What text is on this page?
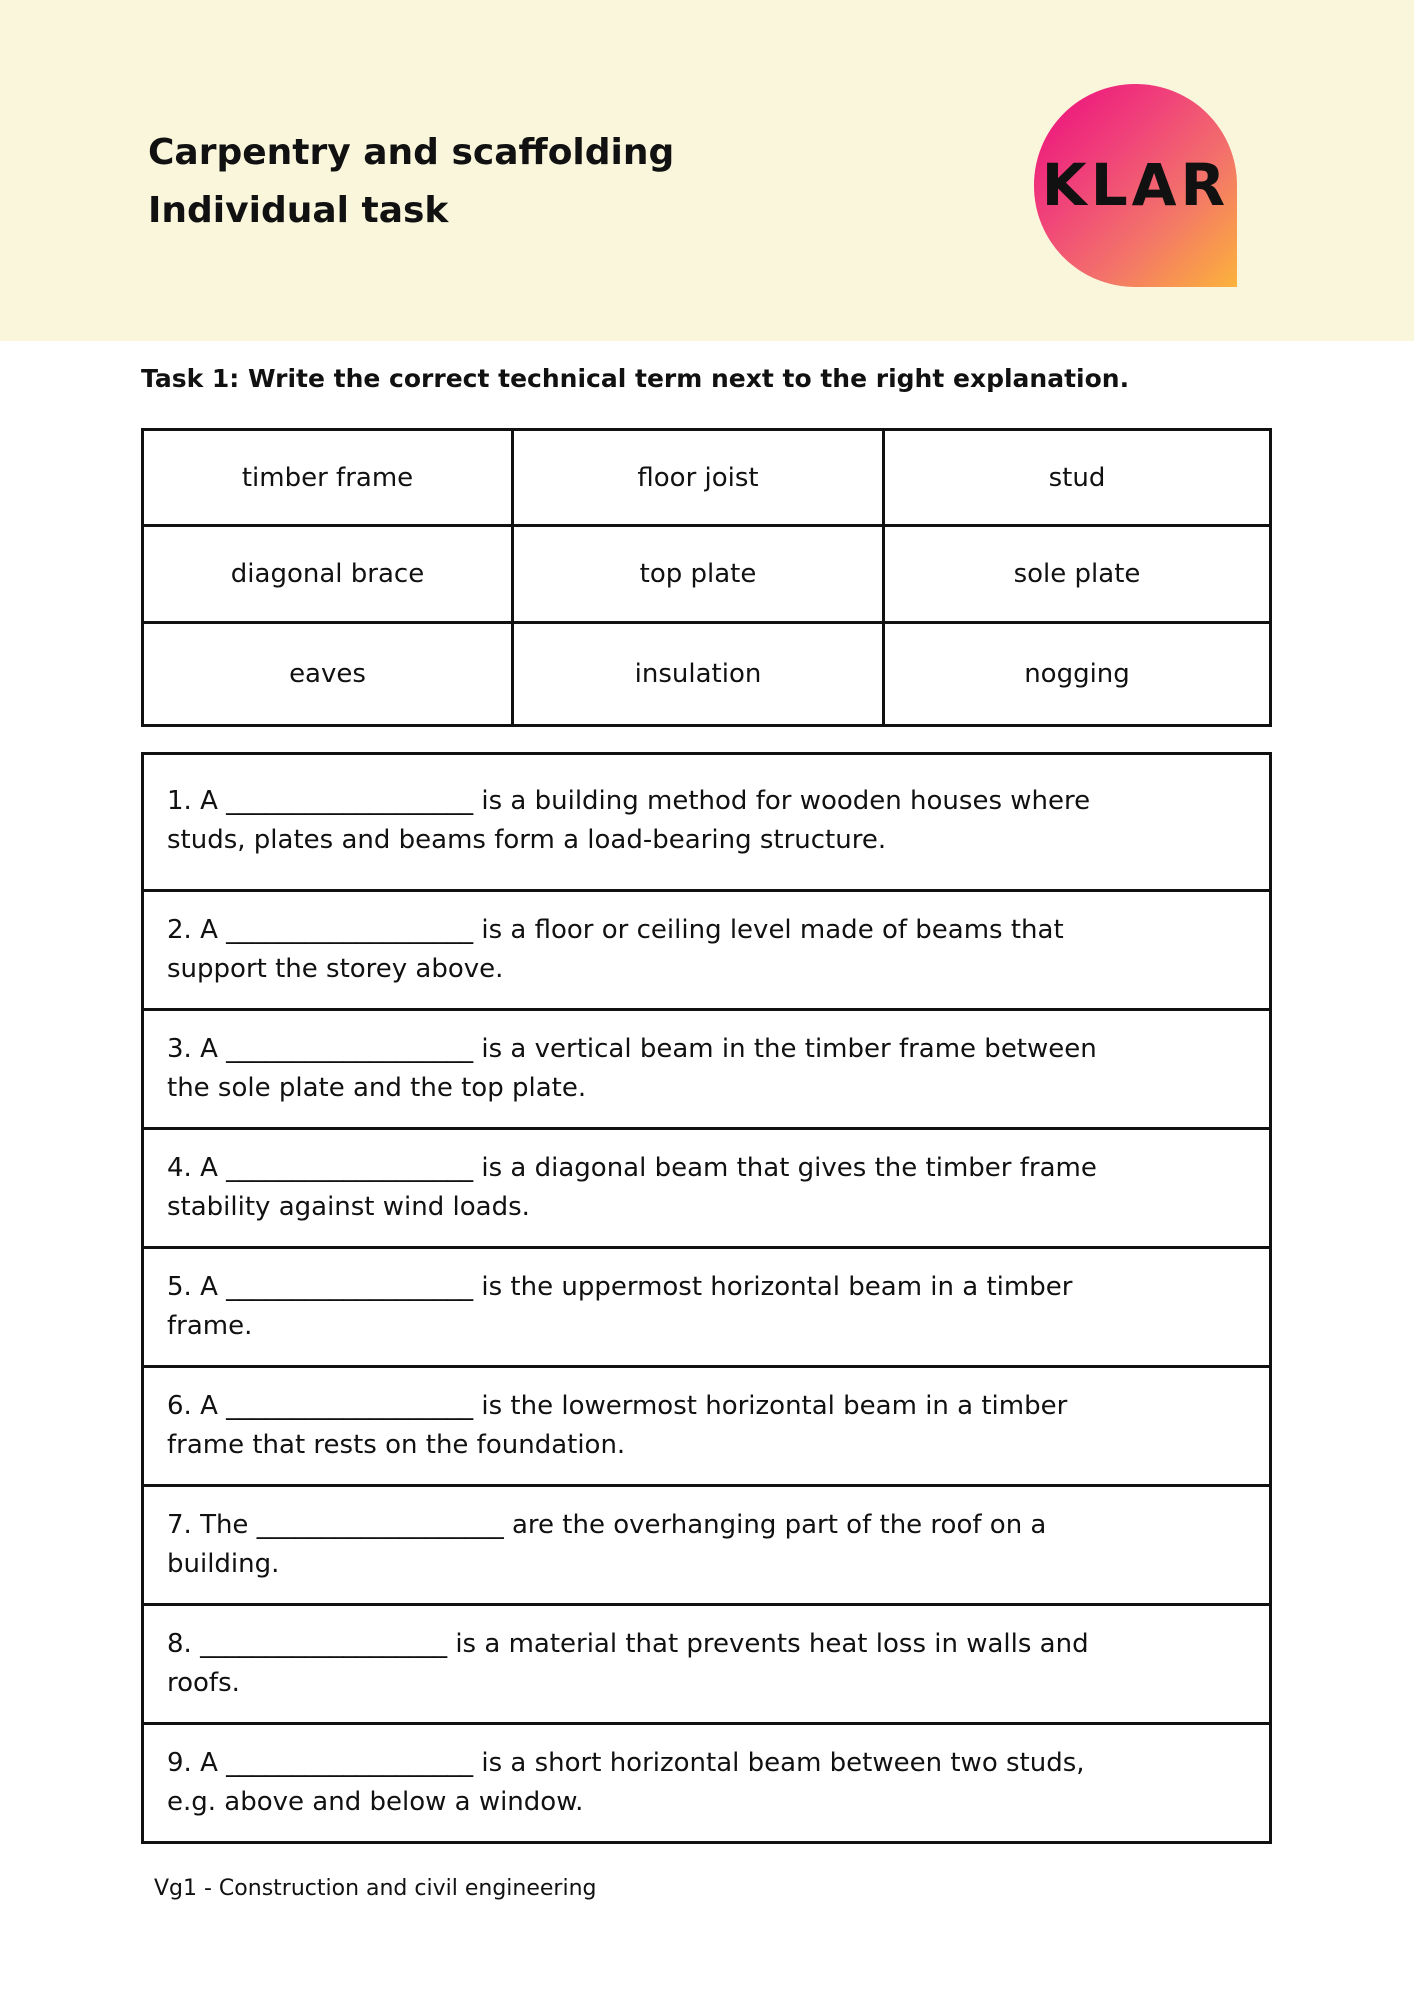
Carpentry and scaffolding
Individual task	KLAR
Task 1: Write the correct technical term next to the right explanation.
timber frame	floor joist	stud
diagonal brace	top plate	sole plate
eaves	insulation	nogging
1. A ___________________ is a building method for wooden houses where
studs, plates and beams form a load-bearing structure.
2. A ___________________ is a floor or ceiling level made of beams that
support the storey above.
3. A ___________________ is a vertical beam in the timber frame between
the sole plate and the top plate.
4. A ___________________ is a diagonal beam that gives the timber frame
stability against wind loads.
5. A ___________________ is the uppermost horizontal beam in a timber
frame.
6. A ___________________ is the lowermost horizontal beam in a timber
frame that rests on the foundation.
7. The ___________________ are the overhanging part of the roof on a
building.
8. ___________________ is a material that prevents heat loss in walls and
roofs.
9. A ___________________ is a short horizontal beam between two studs,
e.g. above and below a window.
Vg1 - Construction and civil engineering
